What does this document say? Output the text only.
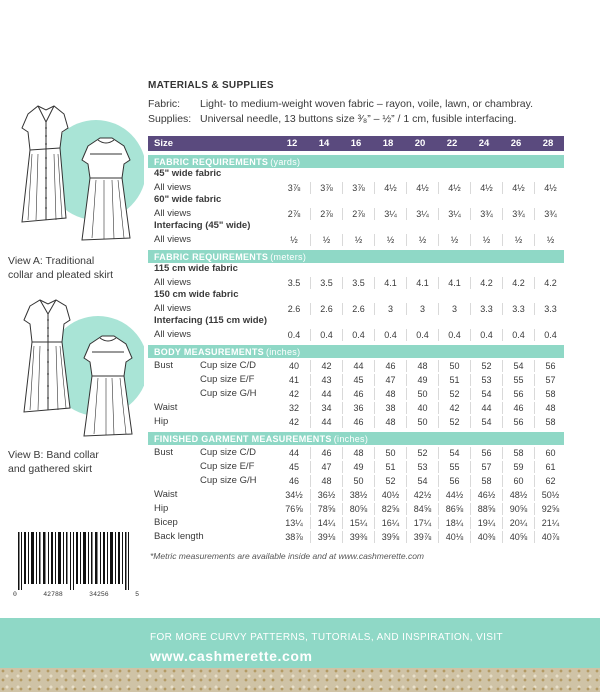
View A: Traditional
collar and pleated skirt
View B: Band collar
and gathered skirt
0	42788	34256	5
MATERIALS & SUPPLIES
Fabric:	Light- to medium-weight woven fabric – rayon, voile, lawn, or chambray.
Supplies: Universal needle, 13 buttons size ³⁄₈” – ½” / 1 cm, fusible interfacing.
Size	12	14	16	18	20	22	24	26	28
FABRIC REQUIREMENTS (yards)
45" wide fabric
All views	3⅞	3⅞	3⅞	4½	4½	4½	4½	4½	4½
60" wide fabric
All views	2⅞	2⅞	2⅞	3¼	3¼	3¼	3¾	3¾	3¾
Interfacing (45" wide)
All views	½	½	½	½	½	½	½	½	½
FABRIC REQUIREMENTS (meters)
115 cm wide fabric
All views	3.5	3.5	3.5	4.1	4.1	4.1	4.2	4.2	4.2
150 cm wide fabric
All views	2.6	2.6	2.6	3	3	3	3.3	3.3	3.3
Interfacing (115 cm wide)
All views	0.4	0.4	0.4	0.4	0.4	0.4	0.4	0.4	0.4
BODY MEASUREMENTS (inches)
Bust	Cup size C/D	40	42	44	46	48	50	52	54	56
Cup size E/F	41	43	45	47	49	51	53	55	57
Cup size G/H	42	44	46	48	50	52	54	56	58
Waist	32	34	36	38	40	42	44	46	48
Hip	42	44	46	48	50	52	54	56	58
FINISHED GARMENT MEASUREMENTS (inches)
Bust	Cup size C/D	44	46	48	50	52	54	56	58	60
Cup size E/F	45	47	49	51	53	55	57	59	61
Cup size G/H	46	48	50	52	54	56	58	60	62
Waist	34½	36½	38½	40½	42½	44½	46½	48½	50½
Hip	76⅝	78⅝	80⅝	82⅝	84⅝	86⅝	88⅝	90⅝	92⅝
Bicep	13¼	14¼	15¼	16¼	17¼	18¼	19¼	20¼	21¼
Back length	38⅞	39⅛	39⅜	39⅝	39⅞	40⅛	40⅜	40⅝	40⅞
*Metric measurements are available inside and at www.cashmerette.com
FOR MORE CURVY PATTERNS, TUTORIALS, AND INSPIRATION, VISIT
www.cashmerette.com
